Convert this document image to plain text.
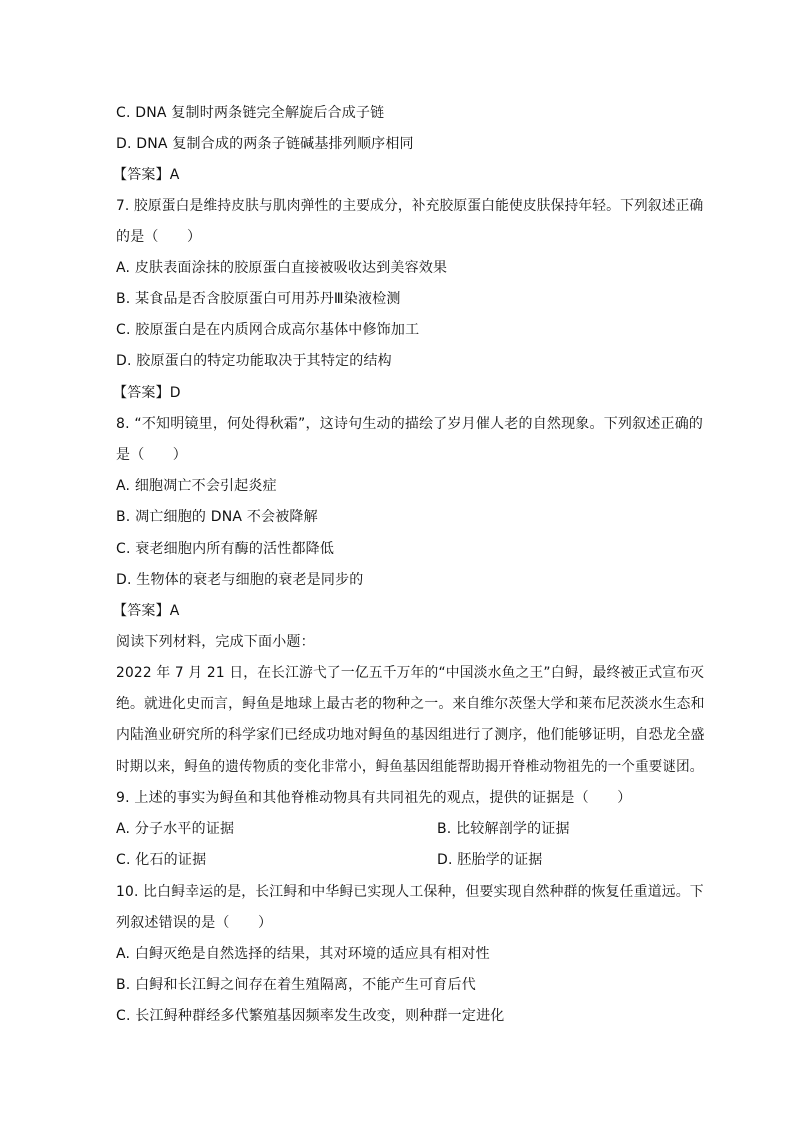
C. DNA 复制时两条链完全解旋后合成子链
D. DNA 复制合成的两条子链碱基排列顺序相同
【答案】A
7. 胶原蛋白是维持皮肤与肌肉弹性的主要成分，补充胶原蛋白能使皮肤保持年轻。下列叙述正确
的是（　　）
A. 皮肤表面涂抹的胶原蛋白直接被吸收达到美容效果
B. 某食品是否含胶原蛋白可用苏丹Ⅲ染液检测
C. 胶原蛋白是在内质网合成高尔基体中修饰加工
D. 胶原蛋白的特定功能取决于其特定的结构
【答案】D
8. “不知明镜里，何处得秋霜”，这诗句生动的描绘了岁月催人老的自然现象。下列叙述正确的
是（　　）
A. 细胞凋亡不会引起炎症
B. 凋亡细胞的 DNA 不会被降解
C. 衰老细胞内所有酶的活性都降低
D. 生物体的衰老与细胞的衰老是同步的
【答案】A
阅读下列材料，完成下面小题：
2022 年 7 月 21 日，在长江游弋了一亿五千万年的“中国淡水鱼之王”白鲟，最终被正式宣布灭
绝。就进化史而言，鲟鱼是地球上最古老的物种之一。来自维尔茨堡大学和莱布尼茨淡水生态和
内陆渔业研究所的科学家们已经成功地对鲟鱼的基因组进行了测序，他们能够证明，自恐龙全盛
时期以来，鲟鱼的遗传物质的变化非常小，鲟鱼基因组能帮助揭开脊椎动物祖先的一个重要谜团。
9. 上述的事实为鲟鱼和其他脊椎动物具有共同祖先的观点，提供的证据是（　　）
A. 分子水平的证据	B. 比较解剖学的证据
C. 化石的证据	D. 胚胎学的证据
10. 比白鲟幸运的是，长江鲟和中华鲟已实现人工保种，但要实现自然种群的恢复任重道远。下
列叙述错误的是（　　）
A. 白鲟灭绝是自然选择的结果，其对环境的适应具有相对性
B. 白鲟和长江鲟之间存在着生殖隔离，不能产生可育后代
C. 长江鲟种群经多代繁殖基因频率发生改变，则种群一定进化
